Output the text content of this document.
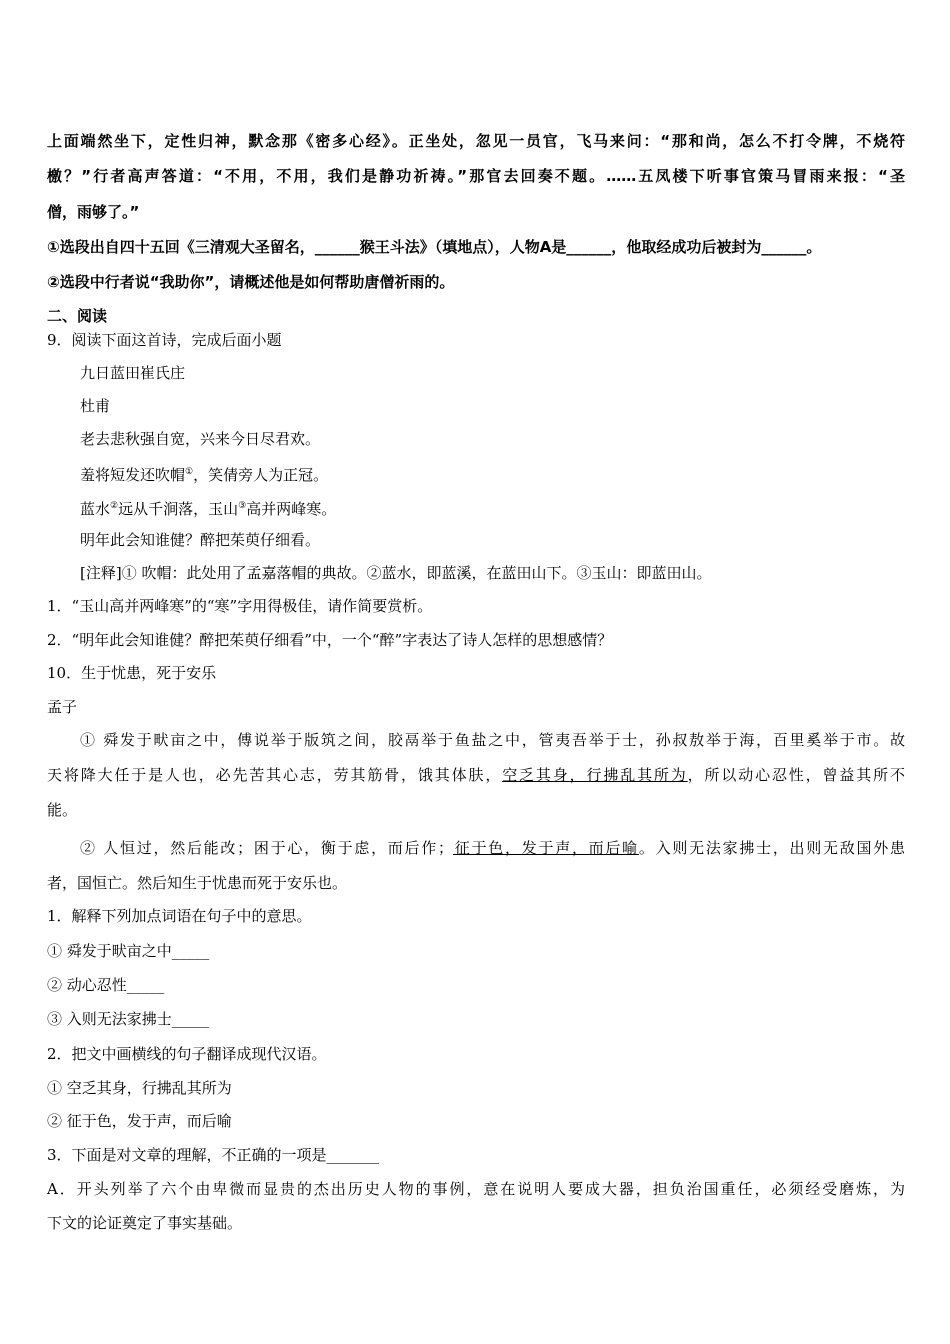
上面端然坐下，定性归神，默念那《密多心经》。正坐处，忽见一员官，飞马来问：“那和尚，怎么不打令牌，不烧符
檄？”行者高声答道：“不用，不用，我们是静功祈祷。”那官去回奏不题。……五凤楼下听事官策马冒雨来报：“圣
僧，雨够了。”
①选段出自四十五回《三清观大圣留名，______猴王斗法》（填地点），人物A是______，他取经成功后被封为______。
②选段中行者说“我助你”，请概述他是如何帮助唐僧祈雨的。
二、阅读
9．阅读下面这首诗，完成后面小题
九日蓝田崔氏庄
杜甫
老去悲秋强自宽，兴来今日尽君欢。
羞将短发还吹帽①，笑倩旁人为正冠。
蓝水②远从千涧落，玉山③高并两峰寒。
明年此会知谁健？醉把茱萸仔细看。
[注释]① 吹帽：此处用了孟嘉落帽的典故。②蓝水，即蓝溪，在蓝田山下。③玉山：即蓝田山。
1．“玉山高并两峰寒”的“寒”字用得极佳，请作简要赏析。
2．“明年此会知谁健？醉把茱萸仔细看”中，一个“醉”字表达了诗人怎样的思想感情？
10．生于忧患，死于安乐
孟子
① 舜发于畎亩之中，傅说举于版筑之间，胶鬲举于鱼盐之中，管夷吾举于士，孙叔敖举于海，百里奚举于市。故
天将降大任于是人也，必先苦其心志，劳其筋骨，饿其体肤，空乏其身，行拂乱其所为，所以动心忍性，曾益其所不
能。
② 人恒过，然后能改；困于心，衡于虑，而后作；征于色，发于声，而后喻。入则无法家拂士，出则无敌国外患
者，国恒亡。然后知生于忧患而死于安乐也。
1．解释下列加点词语在句子中的意思。
① 舜发于畎亩之中_____
② 动心忍性_____
③ 入则无法家拂士_____
2．把文中画横线的句子翻译成现代汉语。
① 空乏其身，行拂乱其所为
② 征于色，发于声，而后喻
3．下面是对文章的理解，不正确的一项是_______
A．开头列举了六个由卑微而显贵的杰出历史人物的事例，意在说明人要成大器，担负治国重任，必须经受磨炼，为
下文的论证奠定了事实基础。
